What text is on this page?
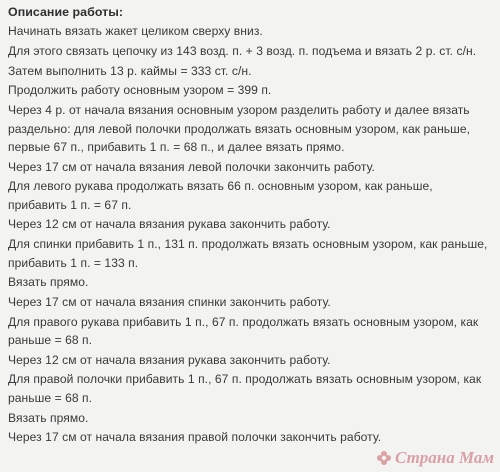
Описание работы:
Начинать вязать жакет целиком сверху вниз.
Для этого связать цепочку из 143 возд. п. + 3 возд. п. подъема и вязать 2 р. ст. с/н.
Затем выполнить 13 р. каймы = 333 ст. с/н.
Продолжить работу основным узором = 399 п.
Через 4 р. от начала вязания основным узором разделить работу и далее вязать
раздельно: для левой полочки продолжать вязать основным узором, как раньше,
первые 67 п., прибавить 1 п. = 68 п., и далее вязать прямо.
Через 17 см от начала вязания левой полочки закончить работу.
Для левого рукава продолжать вязать 66 п. основным узором, как раньше,
прибавить 1 п. = 67 п.
Через 12 см от начала вязания рукава закончить работу.
Для спинки прибавить 1 п., 131 п. продолжать вязать основным узором, как раньше,
прибавить 1 п. = 133 п.
Вязать прямо.
Через 17 см от начала вязания спинки закончить работу.
Для правого рукава прибавить 1 п., 67 п. продолжать вязать основным узором, как
раньше = 68 п.
Через 12 см от начала вязания рукава закончить работу.
Для правой полочки прибавить 1 п., 67 п. продолжать вязать основным узором, как
раньше = 68 п.
Вязать прямо.
Через 17 см от начала вязания правой полочки закончить работу.
Страна Мам
